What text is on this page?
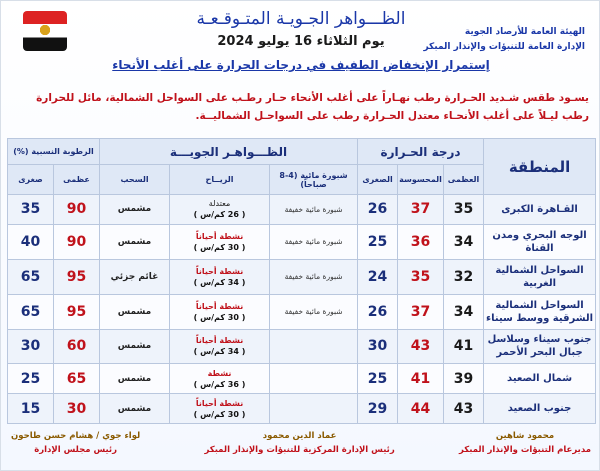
الهيئة العامة للأرصاد الجوية
الإدارة العامة للتنبؤات والإنذار المبكر
الظـــواهر الجـويـة المتـوقـعـة
يوم الثلاثاء 16 يوليو 2024
إستمرار الإنخفاض الطفيف في درجات الحرارة على أغلب الأنحاء
يسـود طقس شـديد الحـرارة رطب نهـاراً على أغلب الأنحاء حـار رطـب على السواحل الشمالية، مائل للحرارة رطب ليـلاً على أغلب الأنحـاء معتدل الحـرارة رطب على السواحـل الشماليــة.
المنطقة	درجة الحـرارة			الظـــواهـر الجويـــة			الرطوبة النسبية (%)	
	العظمى	المحسوسة	الصغرى	شبورة مائية (4-8 صباحاً)	الريــاح	السحب	عظمى	صغرى
القـاهرة الكبرى	35	37	26	شبورة مائية خفيفة	معتدلة
( 26 كم/س )	مشمس	90	35
الوجه البحري ومدن القناة	34	36	25	شبورة مائية خفيفة	نشطة أحياناً
( 30 كم/س )	مشمس	90	40
السواحل الشمالية الغربية	32	35	24	شبورة مائية خفيفة	نشطة أحياناً
( 34 كم/س )	غائم جزئي	95	65
السواحل الشمالية الشرقية ووسط سيناء	34	37	26	شبورة مائية خفيفة	نشطة أحياناً
( 30 كم/س )	مشمس	95	65
جنوب سيناء وسلاسل جبال البحر الأحمر	41	43	30		نشطة أحياناً
( 34 كم/س )	مشمس	60	30
شمال الصعيد	39	41	25		نشطة
( 36 كم/س )	مشمس	65	25
جنوب الصعيد	43	44	29		نشطة أحياناً
( 30 كم/س )	مشمس	30	15
محمود شاهين
مديرعام التنبؤات والإنذار المبكر
عماد الدين محمود
رئيس الإدارة المركزية للتنبؤات والإنذار المبكر
لواء جوي / هشام حسن طاحون
رئيس مجلس الإدارة
